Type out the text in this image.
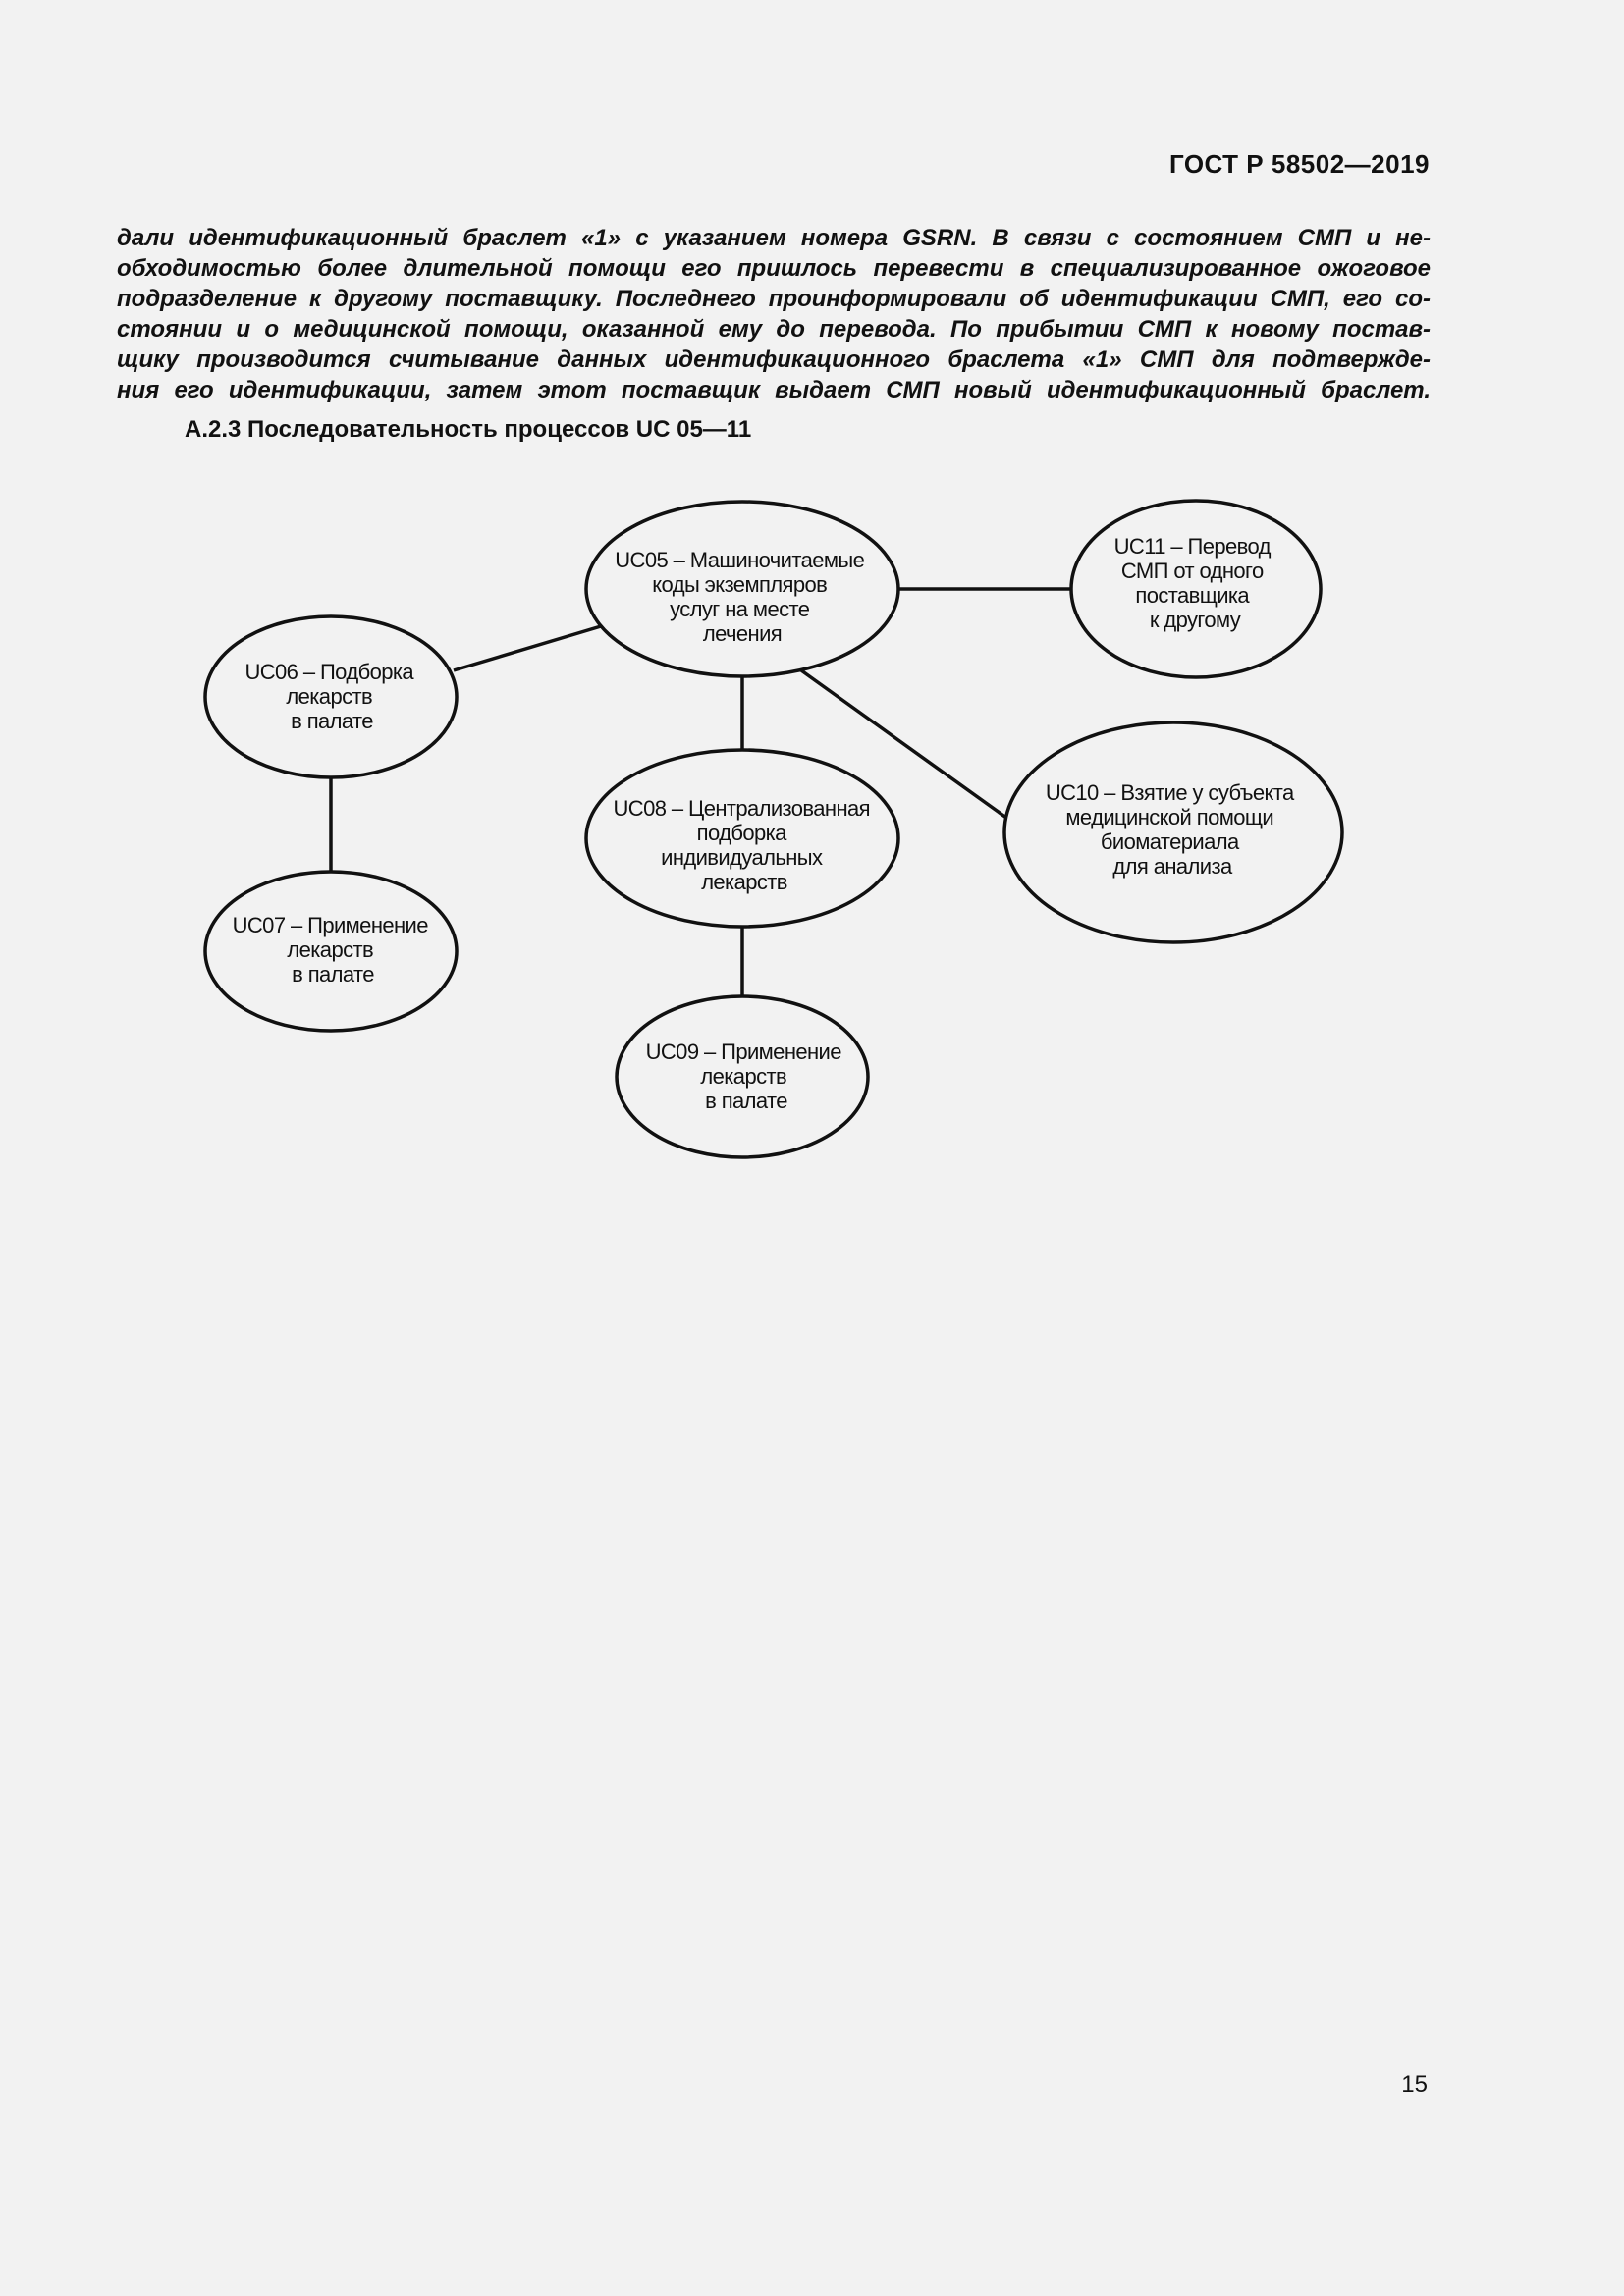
ГОСТ Р 58502—2019
дали идентификационный браслет «1» с указанием номера GSRN. В связи с состоянием СМП и не-
обходимостью более длительной помощи его пришлось перевести в специализированное ожоговое
подразделение к другому поставщику. Последнего проинформировали об идентификации СМП, его со-
стоянии и о медицинской помощи, оказанной ему до перевода. По прибытии СМП к новому постав-
щику производится считывание данных идентификационного браслета «1» СМП для подтвержде-
ния его идентификации, затем этот поставщик выдает СМП новый идентификационный браслет.
А.2.3 Последовательность процессов UC 05—11
UC05 – Машиночитаемые коды экземпляров услуг на месте лечения
UC06 – Подборка лекарств в палате
UC07 – Применение лекарств в палате
UC08 – Централизованная подборка индивидуальных лекарств
UC09 – Применение лекарств в палате
UC10 – Взятие у субъекта медицинской помощи биоматериала для анализа
UC11 – Перевод СМП от одного поставщика к другому
15
